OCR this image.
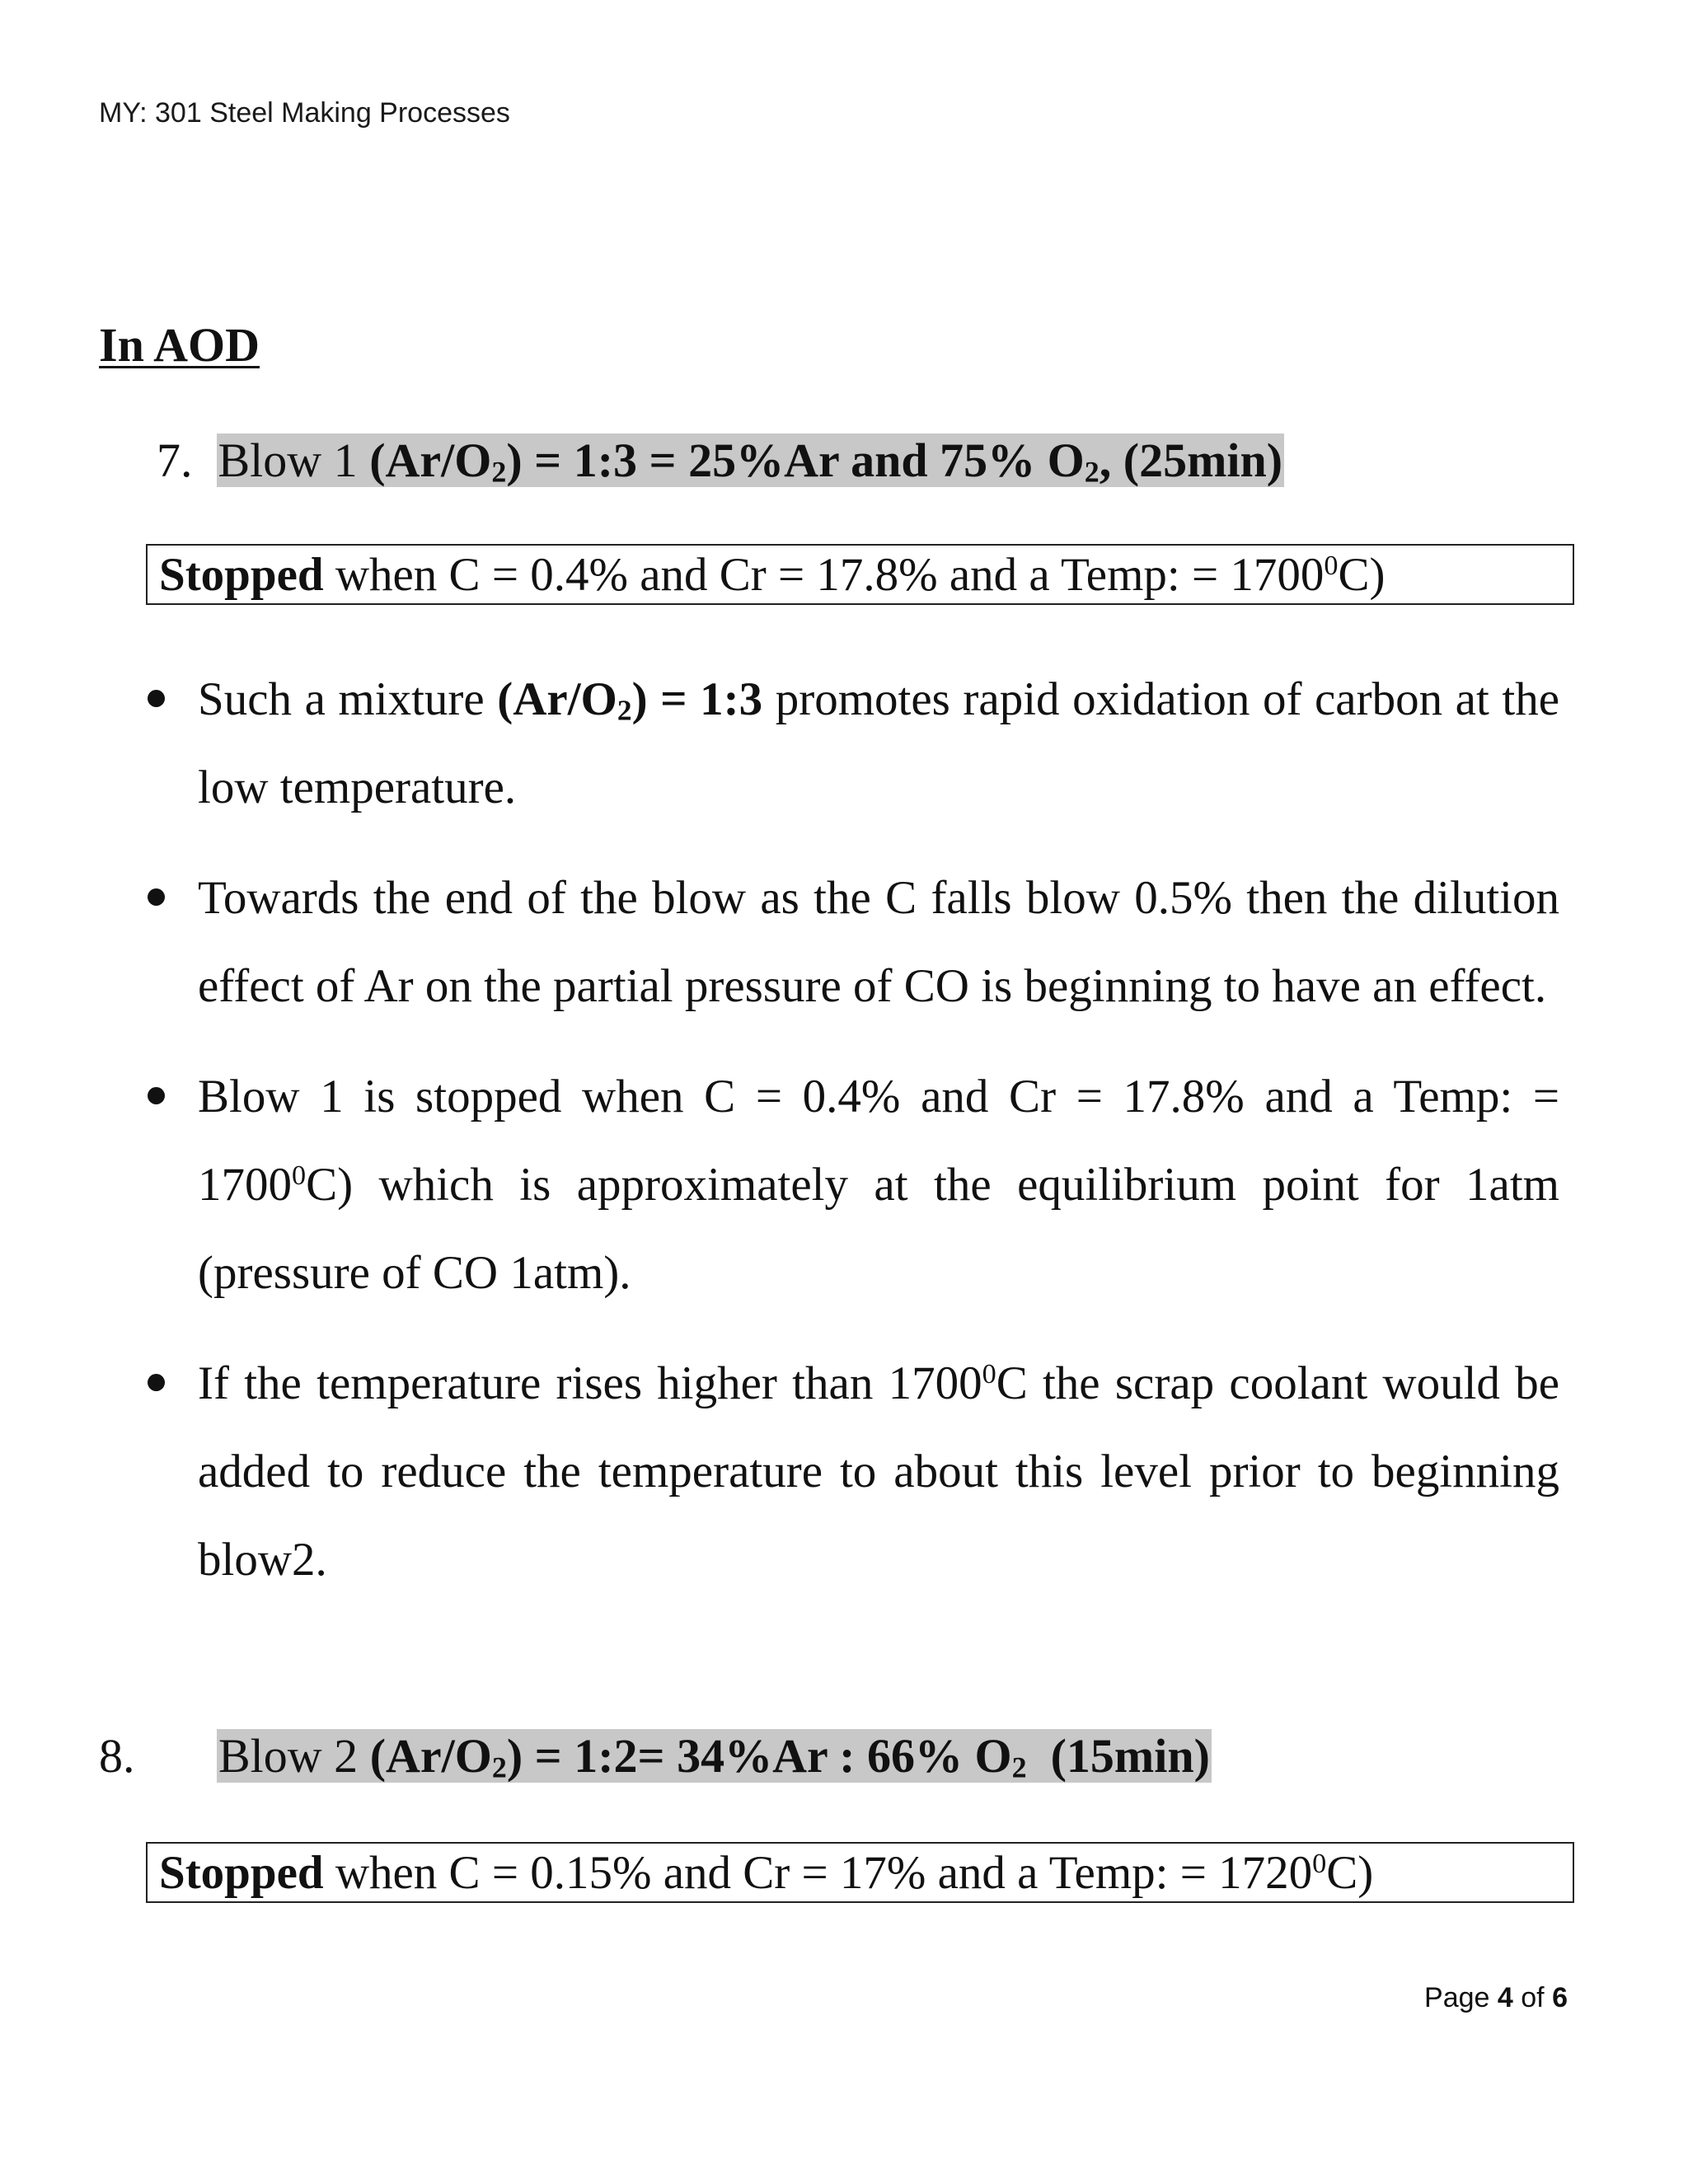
MY: 301 Steel Making Processes
In AOD
7. Blow 1 $(Ar/O_2)$ = 1:3 = 25%Ar and 75% $O_2$, (25min)
Stopped when C = 0.4% and Cr = 17.8% and a Temp: = $1700^0C$)
Such a mixture $(Ar/O_2)$ = 1:3 promotes rapid oxidation of carbon at the low temperature.
Towards the end of the blow as the C falls blow 0.5% then the dilution effect of Ar on the partial pressure of CO is beginning to have an effect.
Blow 1 is stopped when C = 0.4% and Cr = 17.8% and a Temp: = $1700^0C$) which is approximately at the equilibrium point for 1atm (pressure of CO 1atm).
If the temperature rises higher than 1700$^0$C the scrap coolant would be added to reduce the temperature to about this level prior to beginning blow2.
8. Blow 2 $(Ar/O_2)$ = 1:2= 34%Ar : 66% $O_2$  (15min)
Stopped when C = 0.15% and Cr = 17% and a Temp: = $1720^0C$)
Page 4 of 6
